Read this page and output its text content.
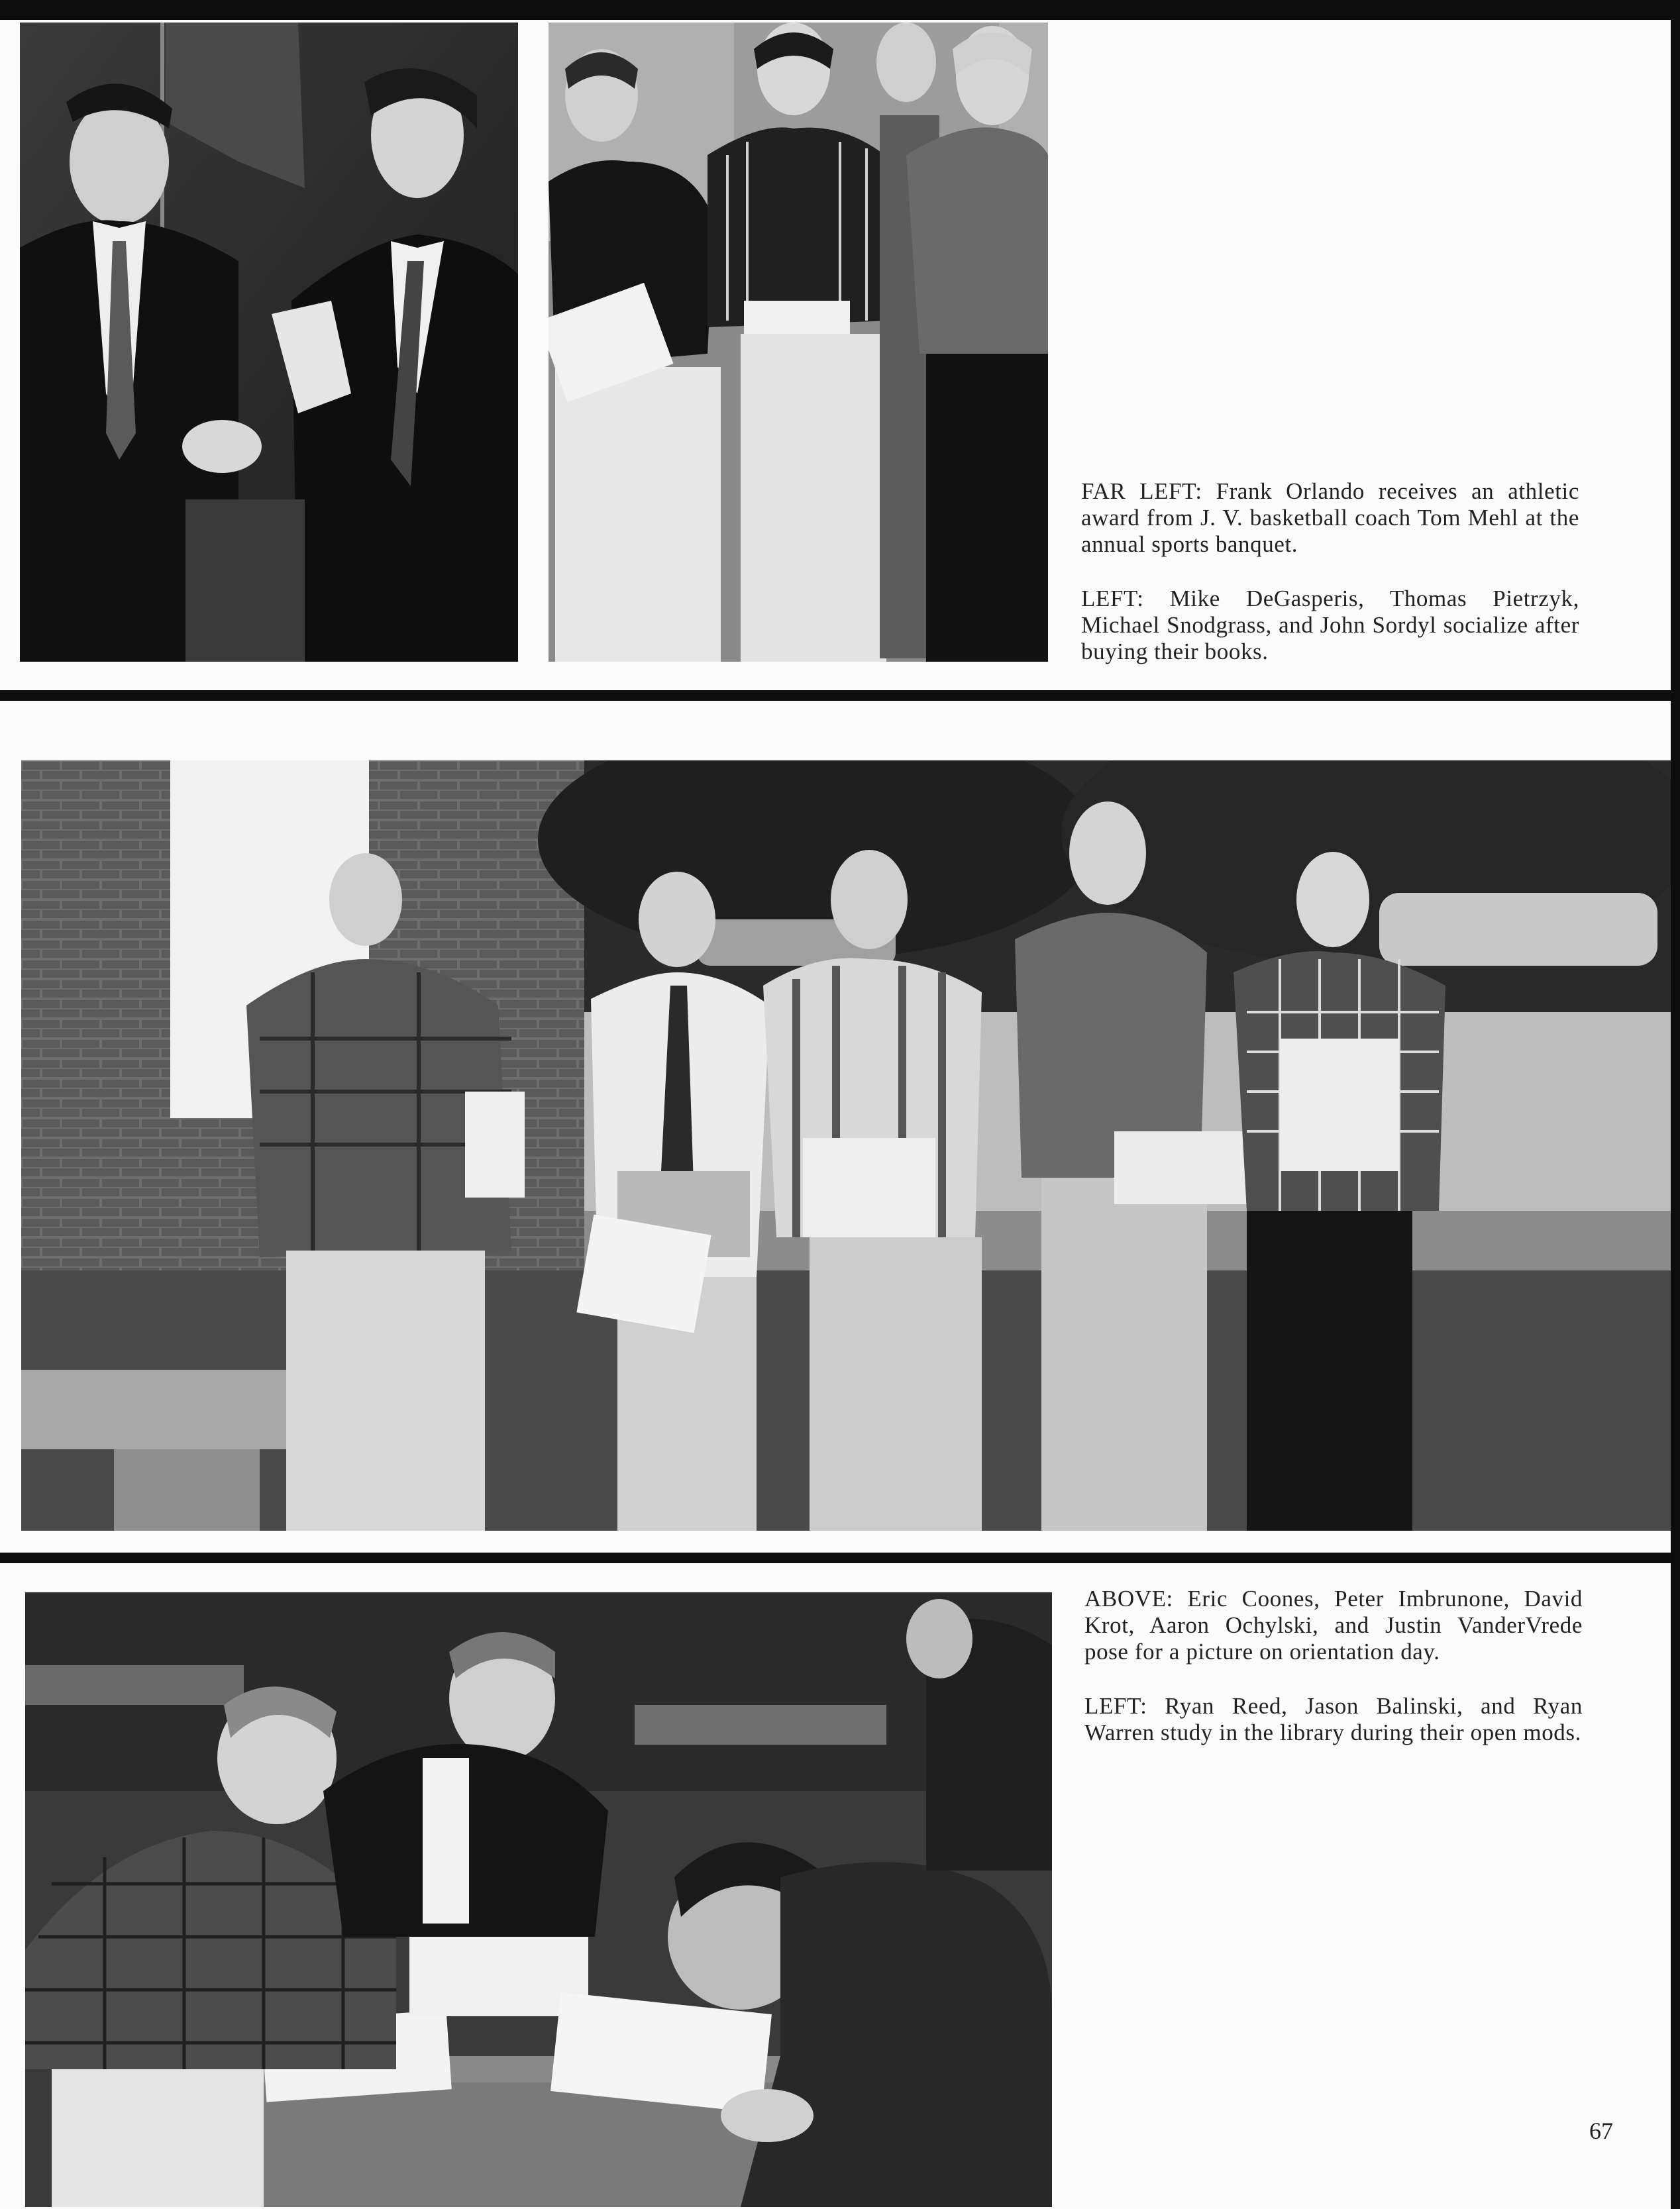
FAR LEFT: Frank Orlando receives an athletic award from J. V. basketball coach Tom Mehl at the annual sports banquet.

LEFT: Mike DeGasperis, Thomas Pietrzyk, Michael Snodgrass, and John Sordyl socialize after buying their books.

ABOVE: Eric Coones, Peter Imbrunone, David Krot, Aaron Ochylski, and Justin VanderVrede pose for a picture on orientation day.

LEFT: Ryan Reed, Jason Balinski, and Ryan Warren study in the library during their open mods.

67
